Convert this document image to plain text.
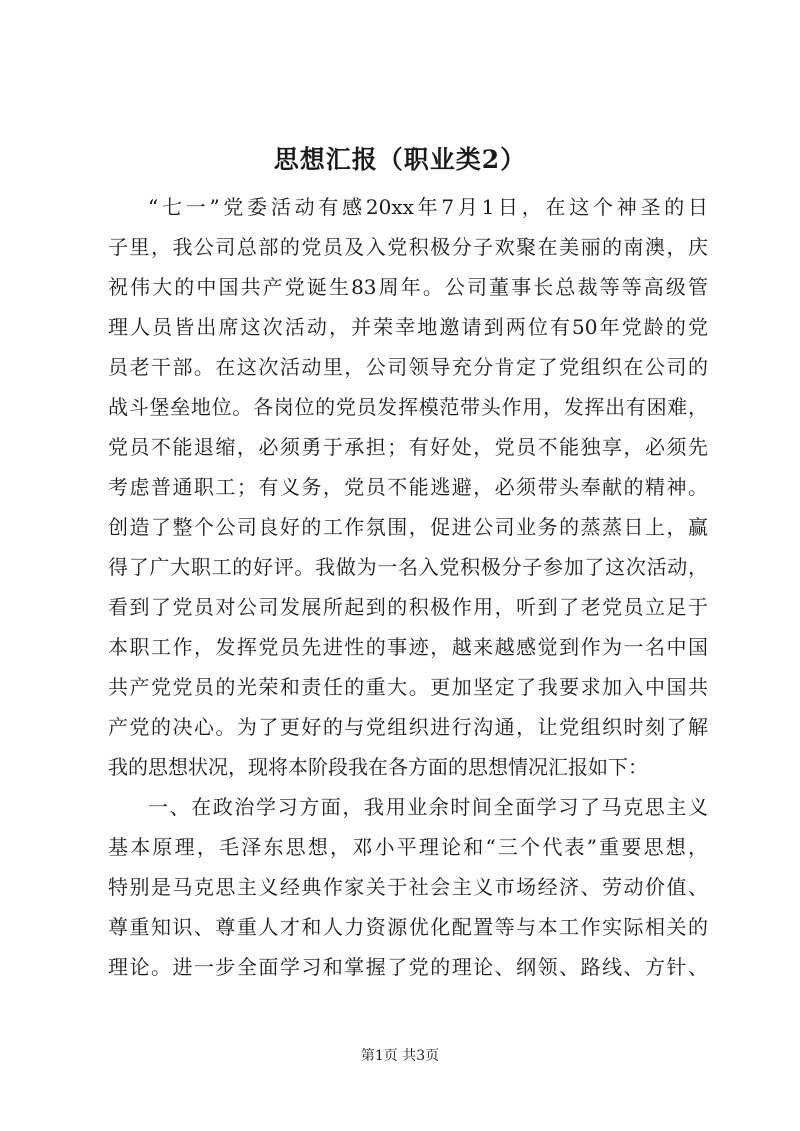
思想汇报（职业类2）
“七一”党委活动有感20xx年7月1日，在这个神圣的日
子里，我公司总部的党员及入党积极分子欢聚在美丽的南澳，庆
祝伟大的中国共产党诞生83周年。公司董事长总裁等等高级管
理人员皆出席这次活动，并荣幸地邀请到两位有50年党龄的党
员老干部。在这次活动里，公司领导充分肯定了党组织在公司的
战斗堡垒地位。各岗位的党员发挥模范带头作用，发挥出有困难，
党员不能退缩，必须勇于承担；有好处，党员不能独享，必须先
考虑普通职工；有义务，党员不能逃避，必须带头奉献的精神。
创造了整个公司良好的工作氛围，促进公司业务的蒸蒸日上，赢
得了广大职工的好评。我做为一名入党积极分子参加了这次活动，
看到了党员对公司发展所起到的积极作用，听到了老党员立足于
本职工作，发挥党员先进性的事迹，越来越感觉到作为一名中国
共产党党员的光荣和责任的重大。更加坚定了我要求加入中国共
产党的决心。为了更好的与党组织进行沟通，让党组织时刻了解
我的思想状况，现将本阶段我在各方面的思想情况汇报如下：
一、在政治学习方面，我用业余时间全面学习了马克思主义
基本原理，毛泽东思想，邓小平理论和“三个代表”重要思想，
特别是马克思主义经典作家关于社会主义市场经济、劳动价值、
尊重知识、尊重人才和人力资源优化配置等与本工作实际相关的
理论。进一步全面学习和掌握了党的理论、纲领、路线、方针、
第1页 共3页
